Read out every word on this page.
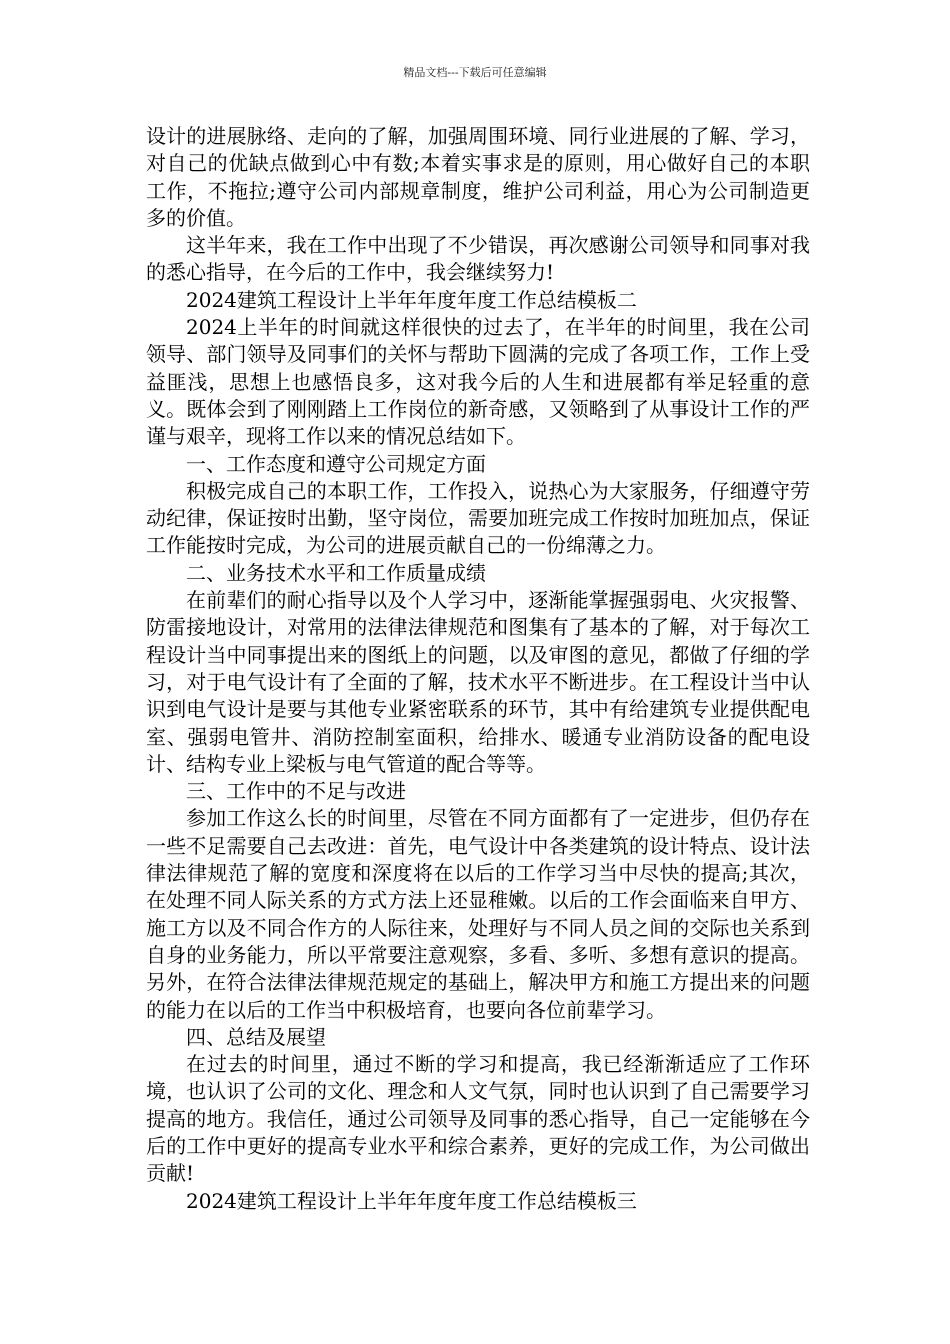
精品文档---下载后可任意编辑

设计的进展脉络、走向的了解，加强周围环境、同行业进展的了解、学习，对自己的优缺点做到心中有数;本着实事求是的原则，用心做好自己的本职工作，不拖拉;遵守公司内部规章制度，维护公司利益，用心为公司制造更多的价值。

这半年来，我在工作中出现了不少错误，再次感谢公司领导和同事对我的悉心指导，在今后的工作中，我会继续努力!

2024建筑工程设计上半年年度年度工作总结模板二

2024上半年的时间就这样很快的过去了，在半年的时间里，我在公司领导、部门领导及同事们的关怀与帮助下圆满的完成了各项工作，工作上受益匪浅，思想上也感悟良多，这对我今后的人生和进展都有举足轻重的意义。既体会到了刚刚踏上工作岗位的新奇感，又领略到了从事设计工作的严谨与艰辛，现将工作以来的情况总结如下。

一、工作态度和遵守公司规定方面

积极完成自己的本职工作，工作投入，说热心为大家服务，仔细遵守劳动纪律，保证按时出勤，坚守岗位，需要加班完成工作按时加班加点，保证工作能按时完成，为公司的进展贡献自己的一份绵薄之力。

二、业务技术水平和工作质量成绩

在前辈们的耐心指导以及个人学习中，逐渐能掌握强弱电、火灾报警、防雷接地设计，对常用的法律法律规范和图集有了基本的了解，对于每次工程设计当中同事提出来的图纸上的问题，以及审图的意见，都做了仔细的学习，对于电气设计有了全面的了解，技术水平不断进步。在工程设计当中认识到电气设计是要与其他专业紧密联系的环节，其中有给建筑专业提供配电室、强弱电管井、消防控制室面积，给排水、暖通专业消防设备的配电设计、结构专业上梁板与电气管道的配合等等。

三、工作中的不足与改进

参加工作这么长的时间里，尽管在不同方面都有了一定进步，但仍存在一些不足需要自己去改进：首先，电气设计中各类建筑的设计特点、设计法律法律规范了解的宽度和深度将在以后的工作学习当中尽快的提高;其次，在处理不同人际关系的方式方法上还显稚嫩。以后的工作会面临来自甲方、施工方以及不同合作方的人际往来，处理好与不同人员之间的交际也关系到自身的业务能力，所以平常要注意观察，多看、多听、多想有意识的提高。另外，在符合法律法律规范规定的基础上，解决甲方和施工方提出来的问题的能力在以后的工作当中积极培育，也要向各位前辈学习。

四、总结及展望

在过去的时间里，通过不断的学习和提高，我已经渐渐适应了工作环境，也认识了公司的文化、理念和人文气氛，同时也认识到了自己需要学习提高的地方。我信任，通过公司领导及同事的悉心指导，自己一定能够在今后的工作中更好的提高专业水平和综合素养，更好的完成工作，为公司做出贡献!

2024建筑工程设计上半年年度年度工作总结模板三
